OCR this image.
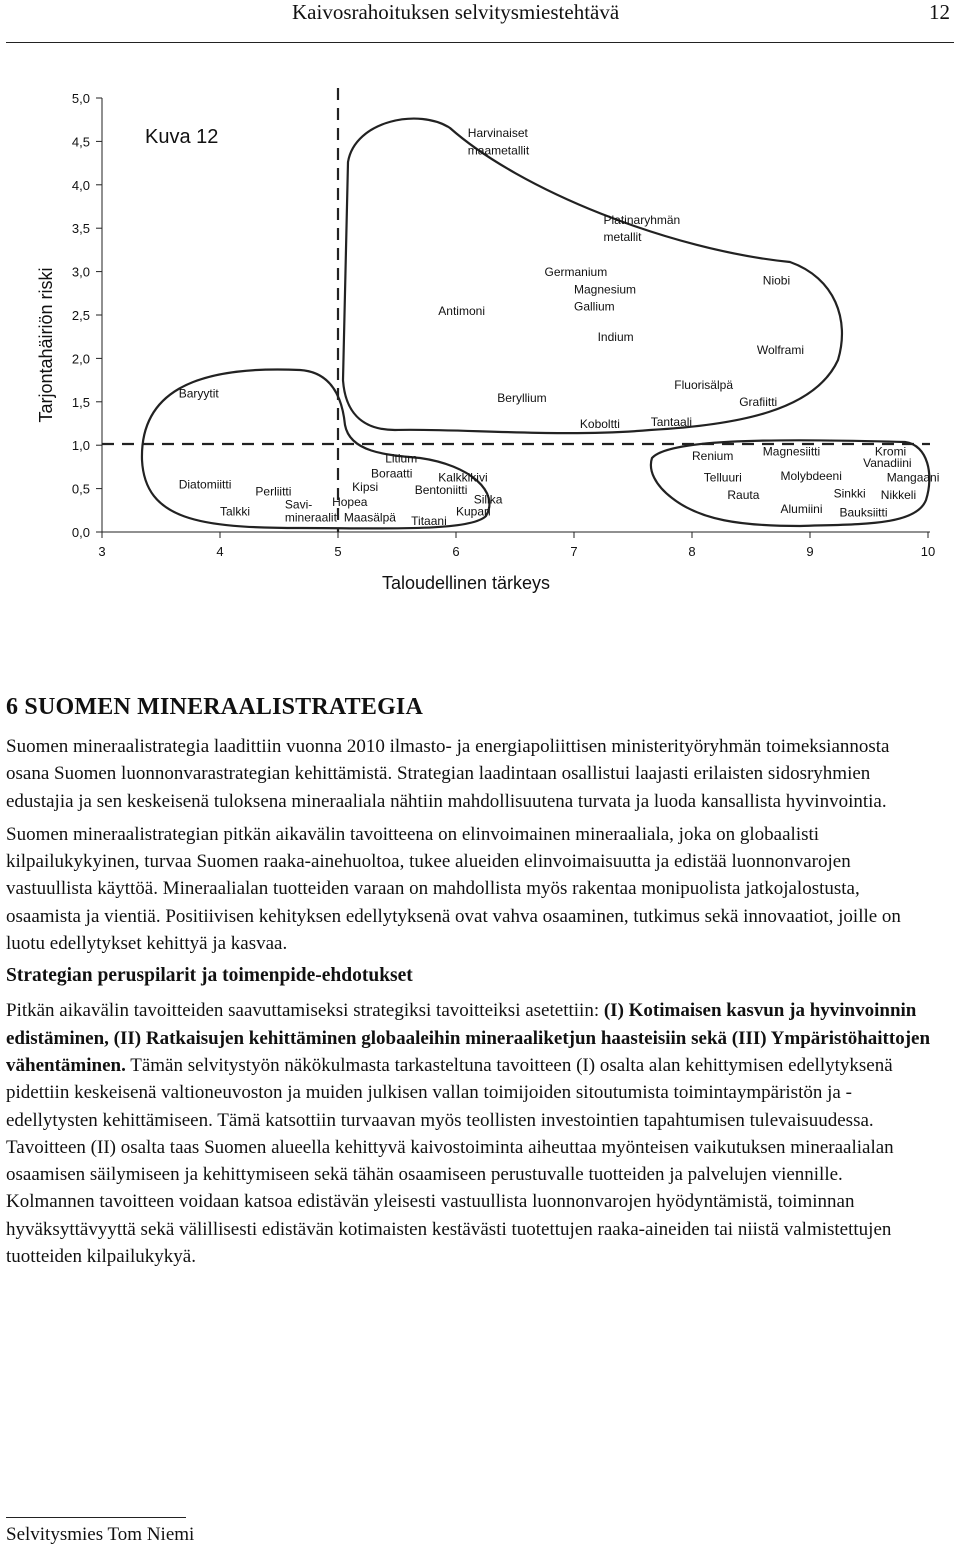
Kaivosrahoituksen selvitysmiestehtävä	12
Kuva 12
0,0
0,5
1,0
1,5
2,0
2,5
3,0
3,5
4,0
4,5
5,0
3	4	5	6	7	8	9	10
Harvinaiset
maametallit
Platinaryhmän
metallit
Germanium
Magnesium
Gallium
Antimoni
Indium
Niobi
Wolframi
Fluorisälpä
Grafiitti
Baryytit	Beryllium
Koboltti	Tantaali
Renium Magnesiitti	Kromi
Vanadiini
Telluuri	Molybdeeni	Mangaani
Rauta	Sinkki Nikkeli
Alumiini Bauksiitti
Litium
Boraatti Kalkkikivi
Kipsi	Bentoniitti
Diatomiitti Perliitti
Silika
Hopea
Savi-
mineraalit	Kupari
Talkki	Maasälpä Titaani
Tarjontahäiriön riski
Taloudellinen tärkeys
6 SUOMEN MINERAALISTRATEGIA

Suomen mineraalistrategia laadittiin vuonna 2010 ilmasto- ja energiapoliittisen ministerityöryhmän toimeksiannosta osana Suomen luonnonvarastrategian kehittämistä. Strategian laadintaan osallistui laajasti erilaisten sidosryhmien edustajia ja sen keskeisenä tuloksena mineraaliala nähtiin mahdollisuutena turvata ja luoda kansallista hyvinvointia.

Suomen mineraalistrategian pitkän aikavälin tavoitteena on elinvoimainen mineraaliala, joka on globaalisti kilpailukykyinen, turvaa Suomen raaka-ainehuoltoa, tukee alueiden elinvoimaisuutta ja edistää luonnonvarojen vastuullista käyttöä. Mineraalialan tuotteiden varaan on mahdollista myös rakentaa monipuolista jatkojalostusta, osaamista ja vientiä. Positiivisen kehityksen edellytyksenä ovat vahva osaaminen, tutkimus sekä innovaatiot, joille on luotu edellytykset kehittyä ja kasvaa.

Strategian peruspilarit ja toimenpide-ehdotukset

Pitkän aikavälin tavoitteiden saavuttamiseksi strategiksi tavoitteiksi asetettiin: (I) Kotimaisen kasvun ja hyvinvoinnin edistäminen, (II) Ratkaisujen kehittäminen globaaleihin mineraaliketjun haasteisiin sekä (III) Ympäristöhaittojen vähentäminen. Tämän selvitystyön näkökulmasta tarkasteltuna tavoitteen (I) osalta alan kehittymisen edellytyksenä pidettiin keskeisenä valtioneuvoston ja muiden julkisen vallan toimijoiden sitoutumista toimintaympäristön ja -edellytysten kehittämiseen. Tämä katsottiin turvaavan myös teollisten investointien tapahtumisen tulevaisuudessa. Tavoitteen (II) osalta taas Suomen alueella kehittyvä kaivostoiminta aiheuttaa myönteisen vaikutuksen mineraalialan osaamisen säilymiseen ja kehittymiseen sekä tähän osaamiseen perustuvalle tuotteiden ja palvelujen viennille. Kolmannen tavoitteen voidaan katsoa edistävän yleisesti vastuullista luonnonvarojen hyödyntämistä, toiminnan hyväksyttävyyttä sekä välillisesti edistävän kotimaisten kestävästi tuotettujen raaka-aineiden tai niistä valmistettujen tuotteiden kilpailukykyä.

Selvitysmies Tom Niemi
